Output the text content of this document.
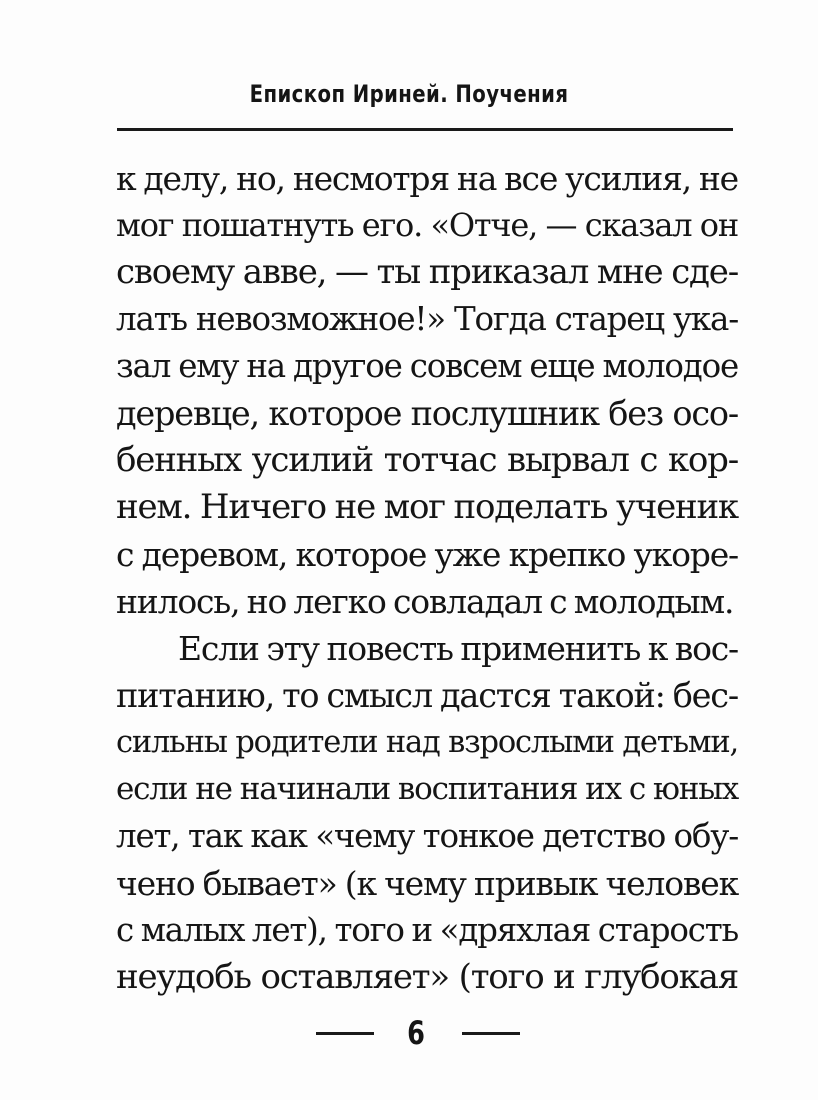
Епископ Ириней. Поучения
к делу, но, несмотря на все усилия, не
мог пошатнуть его. «Отче, — сказал он
своему авве, — ты приказал мне сде-
лать невозможное!» Тогда старец ука-
зал ему на другое совсем еще молодое
деревце, которое послушник без осо-
бенных усилий тотчас вырвал с кор-
нем. Ничего не мог поделать ученик
с деревом, которое уже крепко укоре-
нилось, но легко совладал с молодым.
Если эту повесть применить к вос-
питанию, то смысл дастся такой: бес-
сильны родители над взрослыми детьми,
если не начинали воспитания их с юных
лет, так как «чему тонкое детство обу-
чено бывает» (к чему привык человек
с малых лет), того и «дряхлая старость
неудобь оставляет» (того и глубокая
6
